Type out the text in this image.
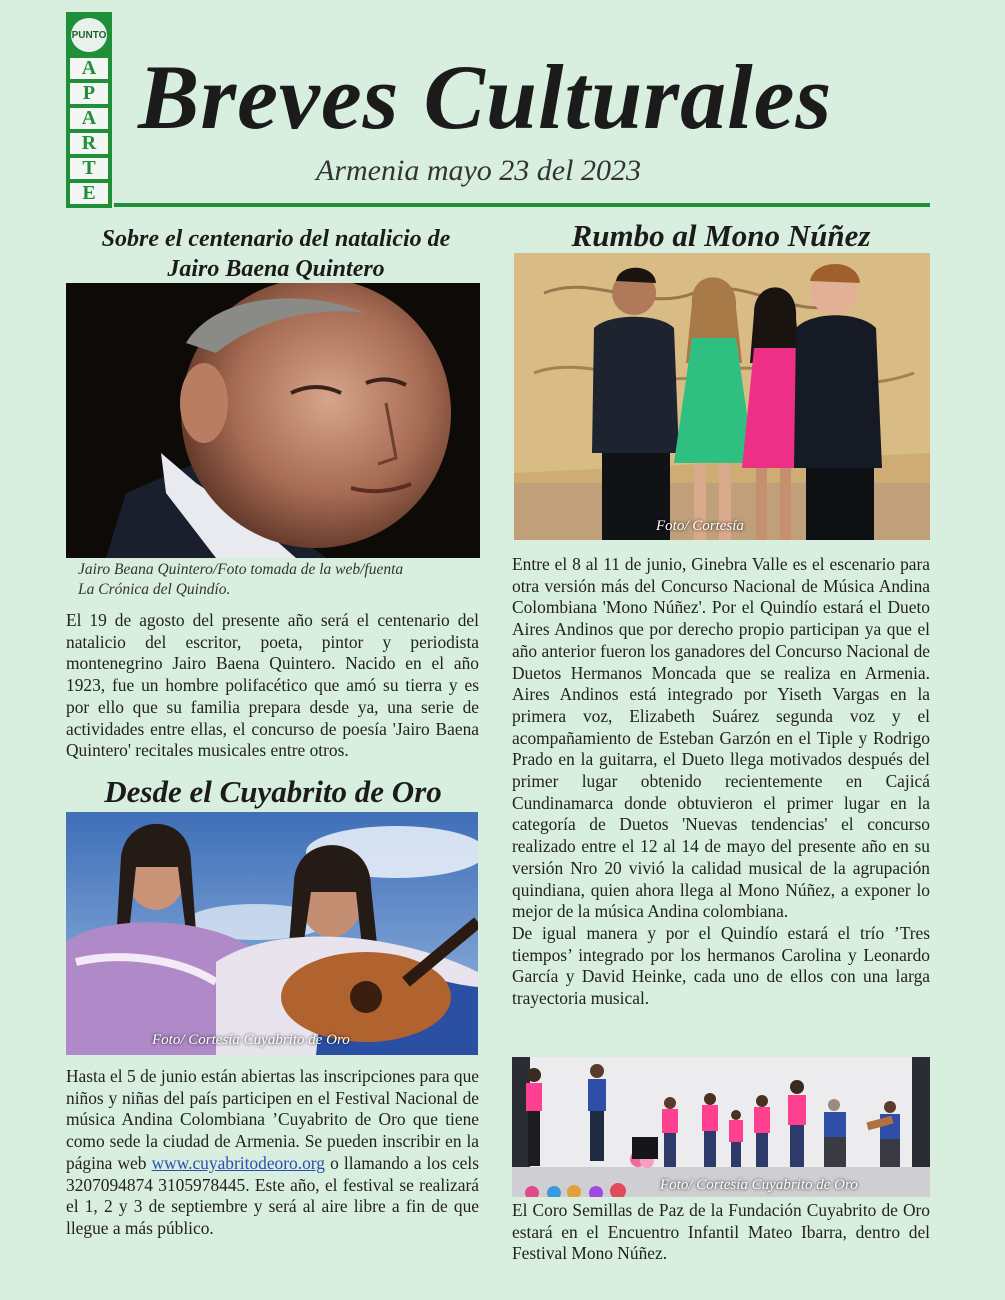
PUNTO
A
P
A
R
T
E
Breves Culturales
Armenia mayo 23 del 2023
Sobre el centenario del natalicio de
Jairo Baena Quintero
Jairo Beana Quintero/Foto tomada de la web/fuenta
La Crónica del Quindío.
El 19 de agosto del presente año será el centenario del natalicio del escritor, poeta, pintor y periodista montenegrino Jairo Baena Quintero. Nacido en el año 1923, fue un hombre polifacético que amó su tierra y es por ello que su familia prepara desde ya, una serie de actividades entre ellas, el concurso de poesía 'Jairo Baena Quintero' recitales musicales entre otros.
Desde el Cuyabrito de Oro
Foto/ Cortesía Cuyabrito de Oro
Hasta el 5 de junio están abiertas las inscripciones para que niños y niñas del país participen en el Festival Nacional de música Andina Colombiana ’Cuyabrito de Oro que tiene como sede la ciudad de Armenia. Se pueden inscribir en la página web www.cuyabritodeoro.org o llamando a los cels 3207094874 3105978445. Este año, el festival se realizará el 1, 2 y 3 de septiembre y será al aire libre a fin de que llegue a más público.
Rumbo al Mono Núñez
Foto/ Cortesía

Entre el 8 al 11 de junio, Ginebra Valle es el escenario para otra versión más del Concurso Nacional de Música Andina Colombiana 'Mono Núñez'. Por el Quindío estará el Dueto Aires Andinos que por derecho propio participan ya que el año anterior fueron los ganadores del Concurso Nacional de Duetos Hermanos Moncada que se realiza en Armenia. Aires Andinos está integrado por Yiseth Vargas en la primera voz, Elizabeth Suárez segunda voz y el acompañamiento de Esteban Garzón en el Tiple y Rodrigo Prado en la guitarra, el Dueto llega motivados después del primer lugar obtenido recientemente en Cajicá Cundinamarca donde obtuvieron el primer lugar en la categoría de Duetos 'Nuevas tendencias' el concurso realizado entre el 12 al 14 de mayo del presente año en su versión Nro 20 vivió la calidad musical de la agrupación quindiana, quien ahora llega al Mono Núñez, a exponer lo mejor de la música Andina colombiana.

De igual manera y por el Quindío estará el trío ’Tres tiempos’ integrado por los hermanos Carolina y Leonardo García y David Heinke, cada uno de ellos con una larga trayectoria musical.

Foto/ Cortesía Cuyabrito de Oro
El Coro Semillas de Paz de la Fundación Cuyabrito de Oro estará en el Encuentro Infantil Mateo Ibarra, dentro del Festival Mono Núñez.
